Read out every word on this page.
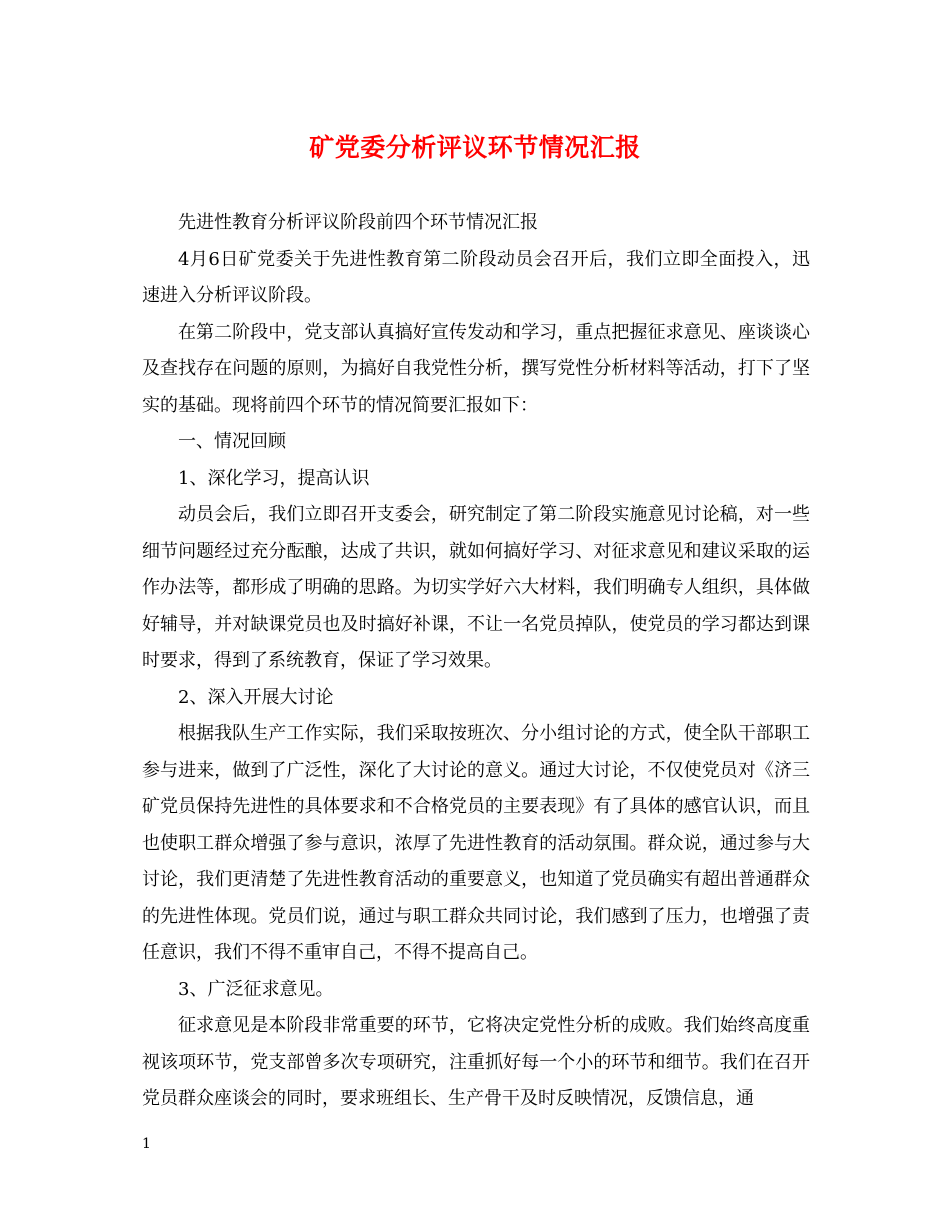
矿党委分析评议环节情况汇报

先进性教育分析评议阶段前四个环节情况汇报

4月6日矿党委关于先进性教育第二阶段动员会召开后，我们立即全面投入，迅速进入分析评议阶段。

在第二阶段中，党支部认真搞好宣传发动和学习，重点把握征求意见、座谈谈心及查找存在问题的原则，为搞好自我党性分析，撰写党性分析材料等活动，打下了坚实的基础。现将前四个环节的情况简要汇报如下：

一、情况回顾

1、深化学习，提高认识

动员会后，我们立即召开支委会，研究制定了第二阶段实施意见讨论稿，对一些细节问题经过充分酝酿，达成了共识，就如何搞好学习、对征求意见和建议采取的运作办法等，都形成了明确的思路。为切实学好六大材料，我们明确专人组织，具体做好辅导，并对缺课党员也及时搞好补课，不让一名党员掉队，使党员的学习都达到课时要求，得到了系统教育，保证了学习效果。

2、深入开展大讨论

根据我队生产工作实际，我们采取按班次、分小组讨论的方式，使全队干部职工参与进来，做到了广泛性，深化了大讨论的意义。通过大讨论，不仅使党员对《济三矿党员保持先进性的具体要求和不合格党员的主要表现》有了具体的感官认识，而且也使职工群众增强了参与意识，浓厚了先进性教育的活动氛围。群众说，通过参与大讨论，我们更清楚了先进性教育活动的重要意义，也知道了党员确实有超出普通群众的先进性体现。党员们说，通过与职工群众共同讨论，我们感到了压力，也增强了责任意识，我们不得不重审自己，不得不提高自己。

3、广泛征求意见。

征求意见是本阶段非常重要的环节，它将决定党性分析的成败。我们始终高度重视该项环节，党支部曾多次专项研究，注重抓好每一个小的环节和细节。我们在召开党员群众座谈会的同时，要求班组长、生产骨干及时反映情况，反馈信息，通

1
